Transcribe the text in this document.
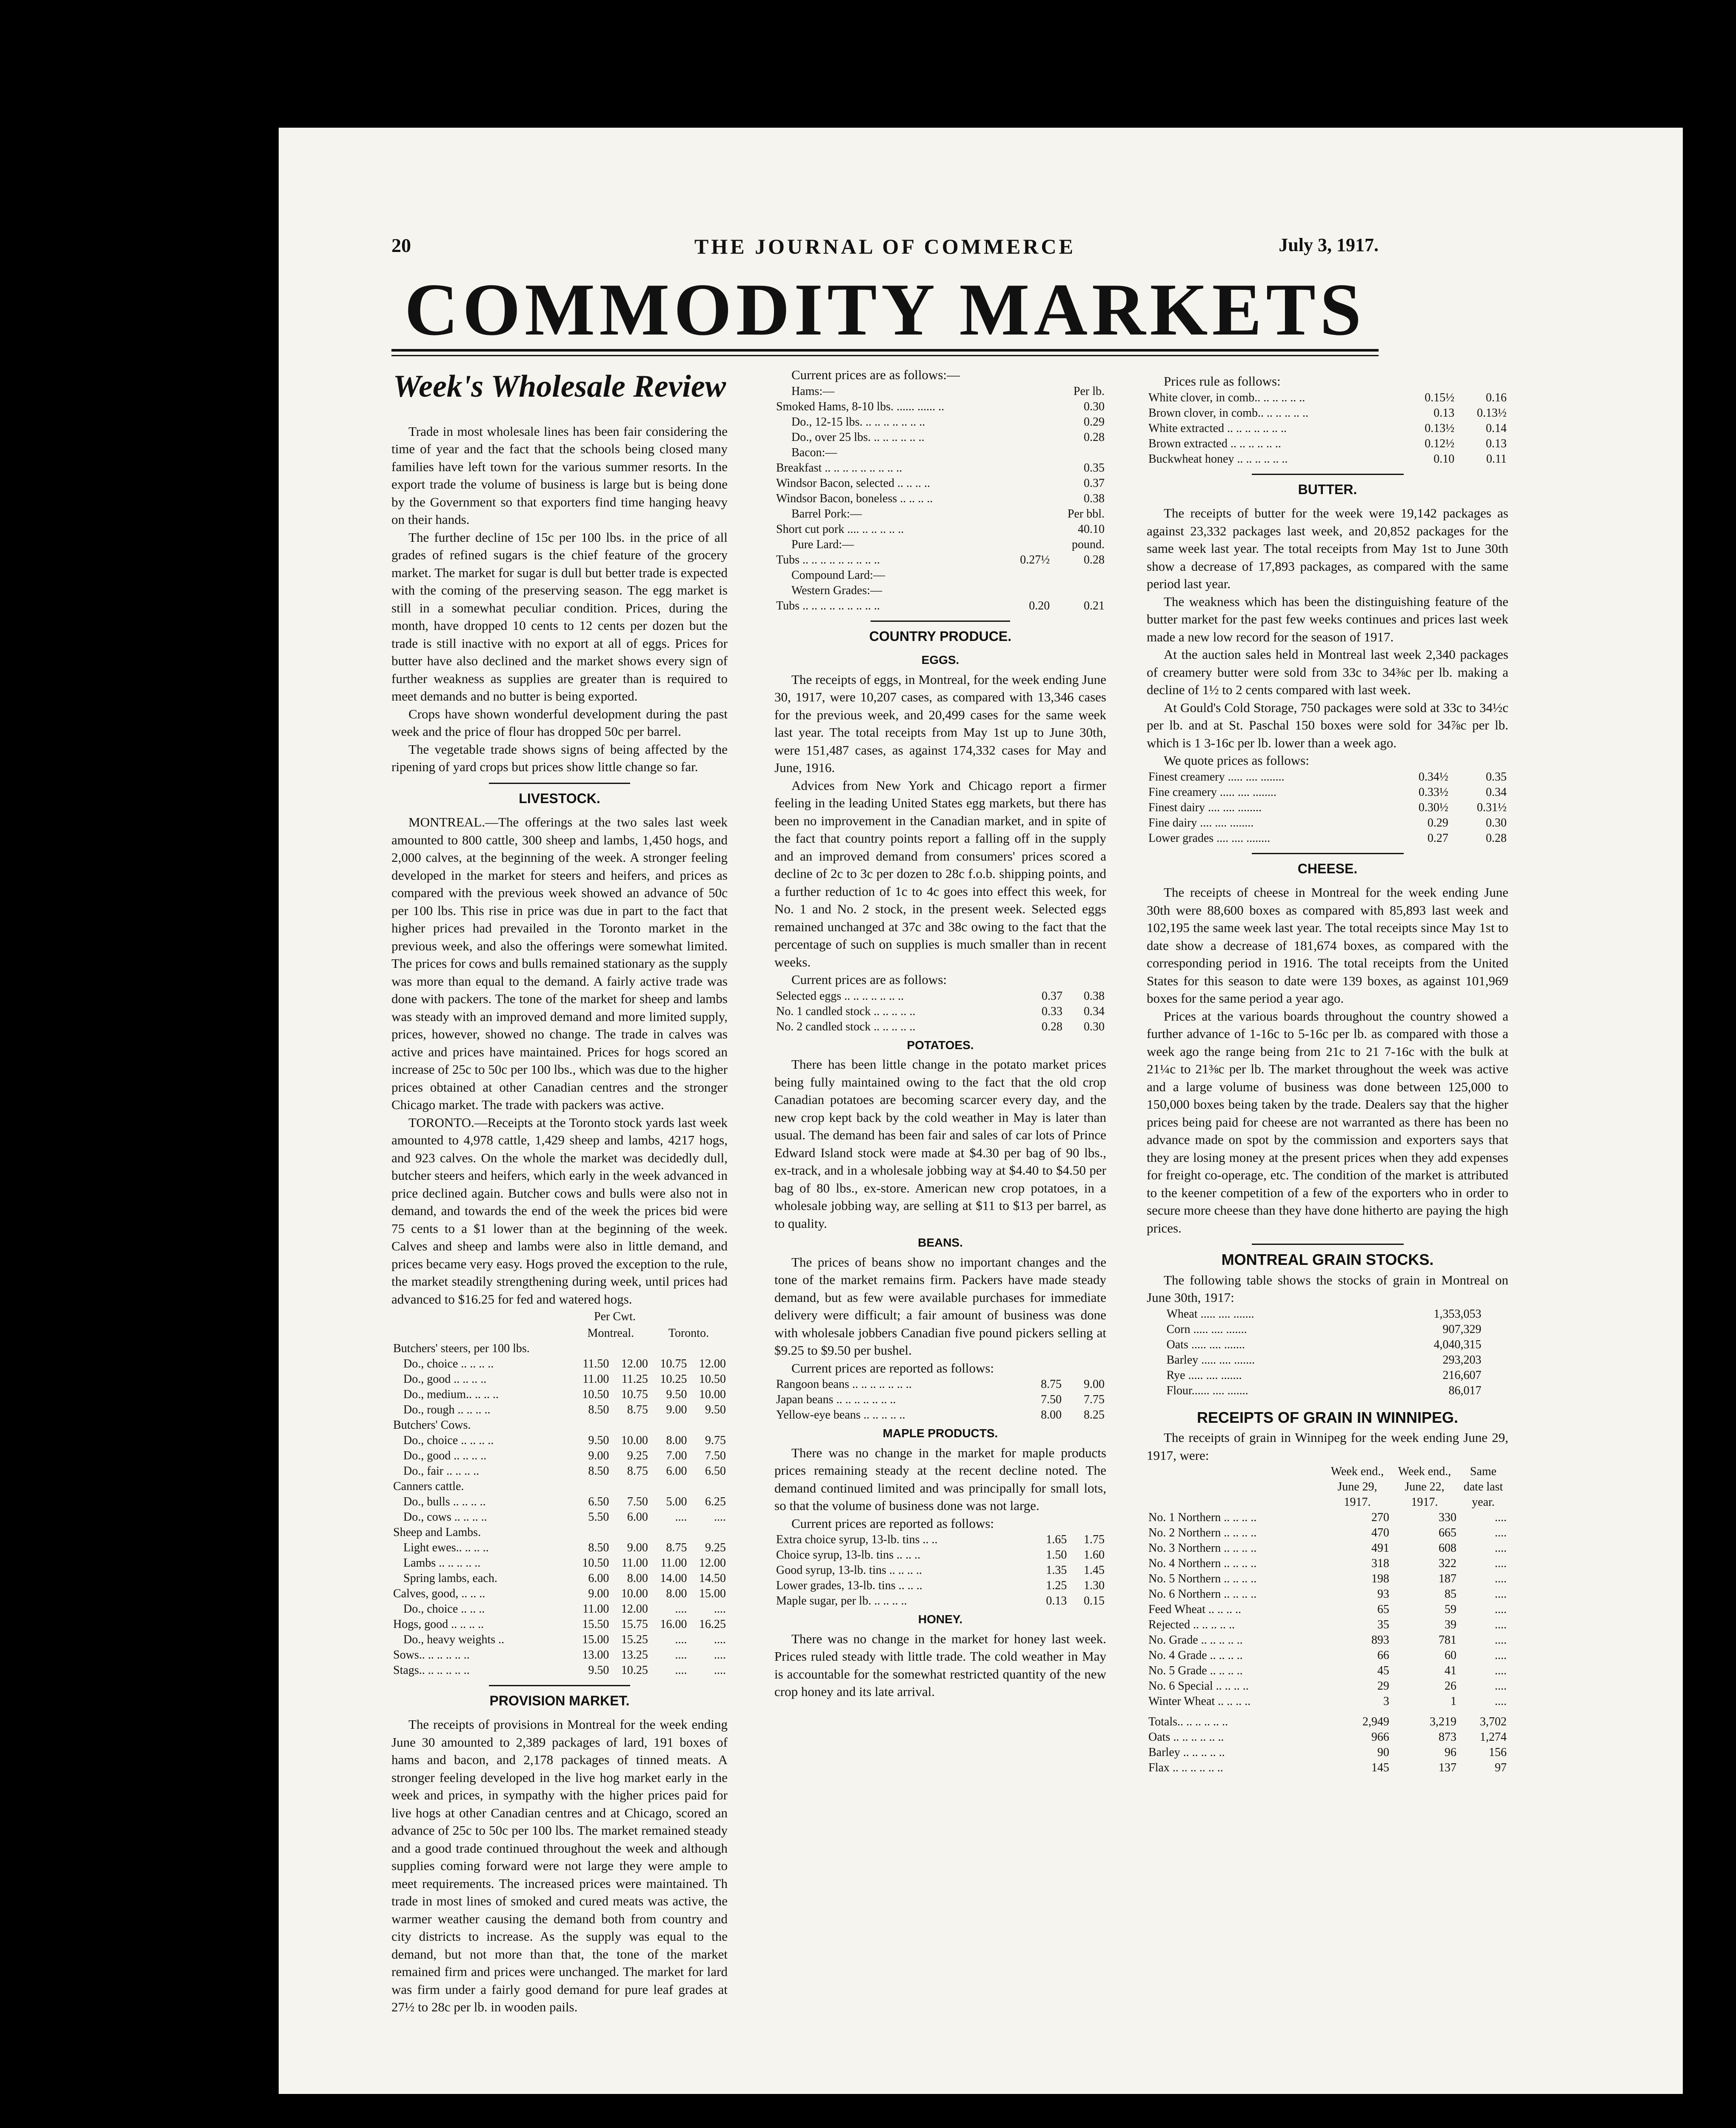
20	THE JOURNAL OF COMMERCE	July 3, 1917.
COMMODITY MARKETS
Week's Wholesale Review

Trade in most wholesale lines has been fair considering the time of year and the fact that the schools being closed many families have left town for the various summer resorts. In the export trade the volume of business is large but is being done by the Government so that exporters find time hanging heavy on their hands.

The further decline of 15c per 100 lbs. in the price of all grades of refined sugars is the chief feature of the grocery market. The market for sugar is dull but better trade is expected with the coming of the preserving season. The egg market is still in a somewhat peculiar condition. Prices, during the month, have dropped 10 cents to 12 cents per dozen but the trade is still inactive with no export at all of eggs. Prices for butter have also declined and the market shows every sign of further weakness as supplies are greater than is required to meet demands and no butter is being exported.

Crops have shown wonderful development during the past week and the price of flour has dropped 50c per barrel.

The vegetable trade shows signs of being affected by the ripening of yard crops but prices show little change so far.

LIVESTOCK.

MONTREAL.—The offerings at the two sales last week amounted to 800 cattle, 300 sheep and lambs, 1,450 hogs, and 2,000 calves, at the beginning of the week. A stronger feeling developed in the market for steers and heifers, and prices as compared with the previous week showed an advance of 50c per 100 lbs. This rise in price was due in part to the fact that higher prices had prevailed in the Toronto market in the previous week, and also the offerings were somewhat limited. The prices for cows and bulls remained stationary as the supply was more than equal to the demand. A fairly active trade was done with packers. The tone of the market for sheep and lambs was steady with an improved demand and more limited supply, prices, however, showed no change. The trade in calves was active and prices have maintained. Prices for hogs scored an increase of 25c to 50c per 100 lbs., which was due to the higher prices obtained at other Canadian centres and the stronger Chicago market. The trade with packers was active.

TORONTO.—Receipts at the Toronto stock yards last week amounted to 4,978 cattle, 1,429 sheep and lambs, 4217 hogs, and 923 calves. On the whole the market was decidedly dull, butcher steers and heifers, which early in the week advanced in price declined again. Butcher cows and bulls were also not in demand, and towards the end of the week the prices bid were 75 cents to a $1 lower than at the beginning of the week. Calves and sheep and lambs were also in little demand, and prices became very easy. Hogs proved the exception to the rule, the market steadily strengthening during week, until prices had advanced to $16.25 for fed and watered hogs.

Per Cwt.
	Montreal.		Toronto.	
Butchers' steers, per 100 lbs.				
Do., choice .. .. .. ..	11.50	12.00	10.75	12.00
Do., good .. .. .. ..	11.00	11.25	10.25	10.50
Do., medium.. .. .. ..	10.50	10.75	9.50	10.00
Do., rough .. .. .. ..	8.50	8.75	9.00	9.50
Butchers' Cows.				
Do., choice .. .. .. ..	9.50	10.00	8.00	9.75
Do., good .. .. .. ..	9.00	9.25	7.00	7.50
Do., fair .. .. .. ..	8.50	8.75	6.00	6.50
Canners cattle.				
Do., bulls .. .. .. ..	6.50	7.50	5.00	6.25
Do., cows .. .. .. ..	5.50	6.00	....	....
Sheep and Lambs.				
Light ewes.. .. .. ..	8.50	9.00	8.75	9.25
Lambs .. .. .. .. ..	10.50	11.00	11.00	12.00
Spring lambs, each.	6.00	8.00	14.00	14.50
Calves, good, .. .. ..	9.00	10.00	8.00	15.00
Do., choice .. .. ..	11.00	12.00	....	....
Hogs, good .. .. .. ..	15.50	15.75	16.00	16.25
Do., heavy weights ..	15.00	15.25	....	....
Sows.. .. .. .. .. ..	13.00	13.25	....	....
Stags.. .. .. .. .. ..	9.50	10.25	....	....
PROVISION MARKET.

The receipts of provisions in Montreal for the week ending June 30 amounted to 2,389 packages of lard, 191 boxes of hams and bacon, and 2,178 packages of tinned meats. A stronger feeling developed in the live hog market early in the week and prices, in sympathy with the higher prices paid for live hogs at other Canadian centres and at Chicago, scored an advance of 25c to 50c per 100 lbs. The market remained steady and a good trade continued throughout the week and although supplies coming forward were not large they were ample to meet requirements. The increased prices were maintained. Th trade in most lines of smoked and cured meats was active, the warmer weather causing the demand both from country and city districts to increase. As the supply was equal to the demand, but not more than that, the tone of the market remained firm and prices were unchanged. The market for lard was firm under a fairly good demand for pure leaf grades at 27½ to 28c per lb. in wooden pails.

Current prices are as follows:—

Hams:—		Per lb.
Smoked Hams, 8-10 lbs. ...... ...... ..		0.30
Do., 12-15 lbs. .. .. .. .. .. .. ..		0.29
Do., over 25 lbs. .. .. .. .. .. ..		0.28
Bacon:—		
Breakfast .. .. .. .. .. .. .. .. ..		0.35
Windsor Bacon, selected .. .. .. ..		0.37
Windsor Bacon, boneless .. .. .. ..		0.38
Barrel Pork:—		Per bbl.
Short cut pork .... .. .. .. .. ..		40.10
Pure Lard:—		pound.
Tubs .. .. .. .. .. .. .. .. ..	0.27½	0.28
Compound Lard:—		
Western Grades:—		
Tubs .. .. .. .. .. .. .. .. ..	0.20	0.21
COUNTRY PRODUCE.
EGGS.

The receipts of eggs, in Montreal, for the week ending June 30, 1917, were 10,207 cases, as compared with 13,346 cases for the previous week, and 20,499 cases for the same week last year. The total receipts from May 1st up to June 30th, were 151,487 cases, as against 174,332 cases for May and June, 1916.

Advices from New York and Chicago report a firmer feeling in the leading United States egg markets, but there has been no improvement in the Canadian market, and in spite of the fact that country points report a falling off in the supply and an improved demand from consumers' prices scored a decline of 2c to 3c per dozen to 28c f.o.b. shipping points, and a further reduction of 1c to 4c goes into effect this week, for No. 1 and No. 2 stock, in the present week. Selected eggs remained unchanged at 37c and 38c owing to the fact that the percentage of such on supplies is much smaller than in recent weeks.

Current prices are as follows:

Selected eggs .. .. .. .. .. .. ..	0.37	0.38
No. 1 candled stock .. .. .. .. ..	0.33	0.34
No. 2 candled stock .. .. .. .. ..	0.28	0.30
POTATOES.

There has been little change in the potato market prices being fully maintained owing to the fact that the old crop Canadian potatoes are becoming scarcer every day, and the new crop kept back by the cold weather in May is later than usual. The demand has been fair and sales of car lots of Prince Edward Island stock were made at $4.30 per bag of 90 lbs., ex-track, and in a wholesale jobbing way at $4.40 to $4.50 per bag of 80 lbs., ex-store. American new crop potatoes, in a wholesale jobbing way, are selling at $11 to $13 per barrel, as to quality.

BEANS.

The prices of beans show no important changes and the tone of the market remains firm. Packers have made steady demand, but as few were available purchases for immediate delivery were difficult; a fair amount of business was done with wholesale jobbers Canadian five pound pickers selling at $9.25 to $9.50 per bushel.

Current prices are reported as follows:

Rangoon beans .. .. .. .. .. .. ..	8.75	9.00
Japan beans .. .. .. .. .. .. ..	7.50	7.75
Yellow-eye beans .. .. .. .. ..	8.00	8.25
MAPLE PRODUCTS.

There was no change in the market for maple products prices remaining steady at the recent decline noted. The demand continued limited and was principally for small lots, so that the volume of business done was not large.

Current prices are reported as follows:

Extra choice syrup, 13-lb. tins .. ..	1.65	1.75
Choice syrup, 13-lb. tins .. .. ..	1.50	1.60
Good syrup, 13-lb. tins .. .. .. ..	1.35	1.45
Lower grades, 13-lb. tins .. .. ..	1.25	1.30
Maple sugar, per lb. .. .. .. ..	0.13	0.15
HONEY.

There was no change in the market for honey last week. Prices ruled steady with little trade. The cold weather in May is accountable for the somewhat restricted quantity of the new crop honey and its late arrival.

Prices rule as follows:

White clover, in comb.. .. .. .. .. ..	0.15½	0.16
Brown clover, in comb.. .. .. .. .. ..	0.13	0.13½
White extracted .. .. .. .. .. .. ..	0.13½	0.14
Brown extracted .. .. .. .. .. ..	0.12½	0.13
Buckwheat honey .. .. .. .. .. ..	0.10	0.11
BUTTER.

The receipts of butter for the week were 19,142 packages as against 23,332 packages last week, and 20,852 packages for the same week last year. The total receipts from May 1st to June 30th show a decrease of 17,893 packages, as compared with the same period last year.

The weakness which has been the distinguishing feature of the butter market for the past few weeks continues and prices last week made a new low record for the season of 1917.

At the auction sales held in Montreal last week 2,340 packages of creamery butter were sold from 33c to 34⅜c per lb. making a decline of 1½ to 2 cents compared with last week.

At Gould's Cold Storage, 750 packages were sold at 33c to 34½c per lb. and at St. Paschal 150 boxes were sold for 34⅞c per lb. which is 1 3-16c per lb. lower than a week ago.

We quote prices as follows:

Finest creamery ..... .... ........	0.34½	0.35
Fine creamery ..... .... ........	0.33½	0.34
Finest dairy .... .... ........	0.30½	0.31½
Fine dairy .... .... ........	0.29	0.30
Lower grades .... .... ........	0.27	0.28
CHEESE.

The receipts of cheese in Montreal for the week ending June 30th were 88,600 boxes as compared with 85,893 last week and 102,195 the same week last year. The total receipts since May 1st to date show a decrease of 181,674 boxes, as compared with the corresponding period in 1916. The total receipts from the United States for this season to date were 139 boxes, as against 101,969 boxes for the same period a year ago.

Prices at the various boards throughout the country showed a further advance of 1-16c to 5-16c per lb. as compared with those a week ago the range being from 21c to 21 7-16c with the bulk at 21¼c to 21⅜c per lb. The market throughout the week was active and a large volume of business was done between 125,000 to 150,000 boxes being taken by the trade. Dealers say that the higher prices being paid for cheese are not warranted as there has been no advance made on spot by the commission and exporters says that they are losing money at the present prices when they add expenses for freight co-operage, etc. The condition of the market is attributed to the keener competition of a few of the exporters who in order to secure more cheese than they have done hitherto are paying the high prices.

MONTREAL GRAIN STOCKS.

The following table shows the stocks of grain in Montreal on June 30th, 1917:

Wheat ..... .... .......	1,353,053
Corn ..... .... .......	907,329
Oats ..... .... .......	4,040,315
Barley ..... .... .......	293,203
Rye ..... .... .......	216,607
Flour...... .... .......	86,017
RECEIPTS OF GRAIN IN WINNIPEG.

The receipts of grain in Winnipeg for the week ending June 29, 1917, were:

	Week end., June 29, 1917.	Week end., June 22, 1917.	Same date last year.
No. 1 Northern .. .. .. ..	270	330	....
No. 2 Northern .. .. .. ..	470	665	....
No. 3 Northern .. .. .. ..	491	608	....
No. 4 Northern .. .. .. ..	318	322	....
No. 5 Northern .. .. .. ..	198	187	....
No. 6 Northern .. .. .. ..	93	85	....
Feed Wheat .. .. .. ..	65	59	....
Rejected .. .. .. .. ..	35	39	....
No. Grade .. .. .. .. ..	893	781	....
No. 4 Grade .. .. .. ..	66	60	....
No. 5 Grade .. .. .. ..	45	41	....
No. 6 Special .. .. .. ..	29	26	....
Winter Wheat .. .. .. ..	3	1	....
Totals.. .. .. .. .. ..	2,949	3,219	3,702
Oats .. .. .. .. .. ..	966	873	1,274
Barley .. .. .. .. ..	90	96	156
Flax .. .. .. .. .. ..	145	137	97
